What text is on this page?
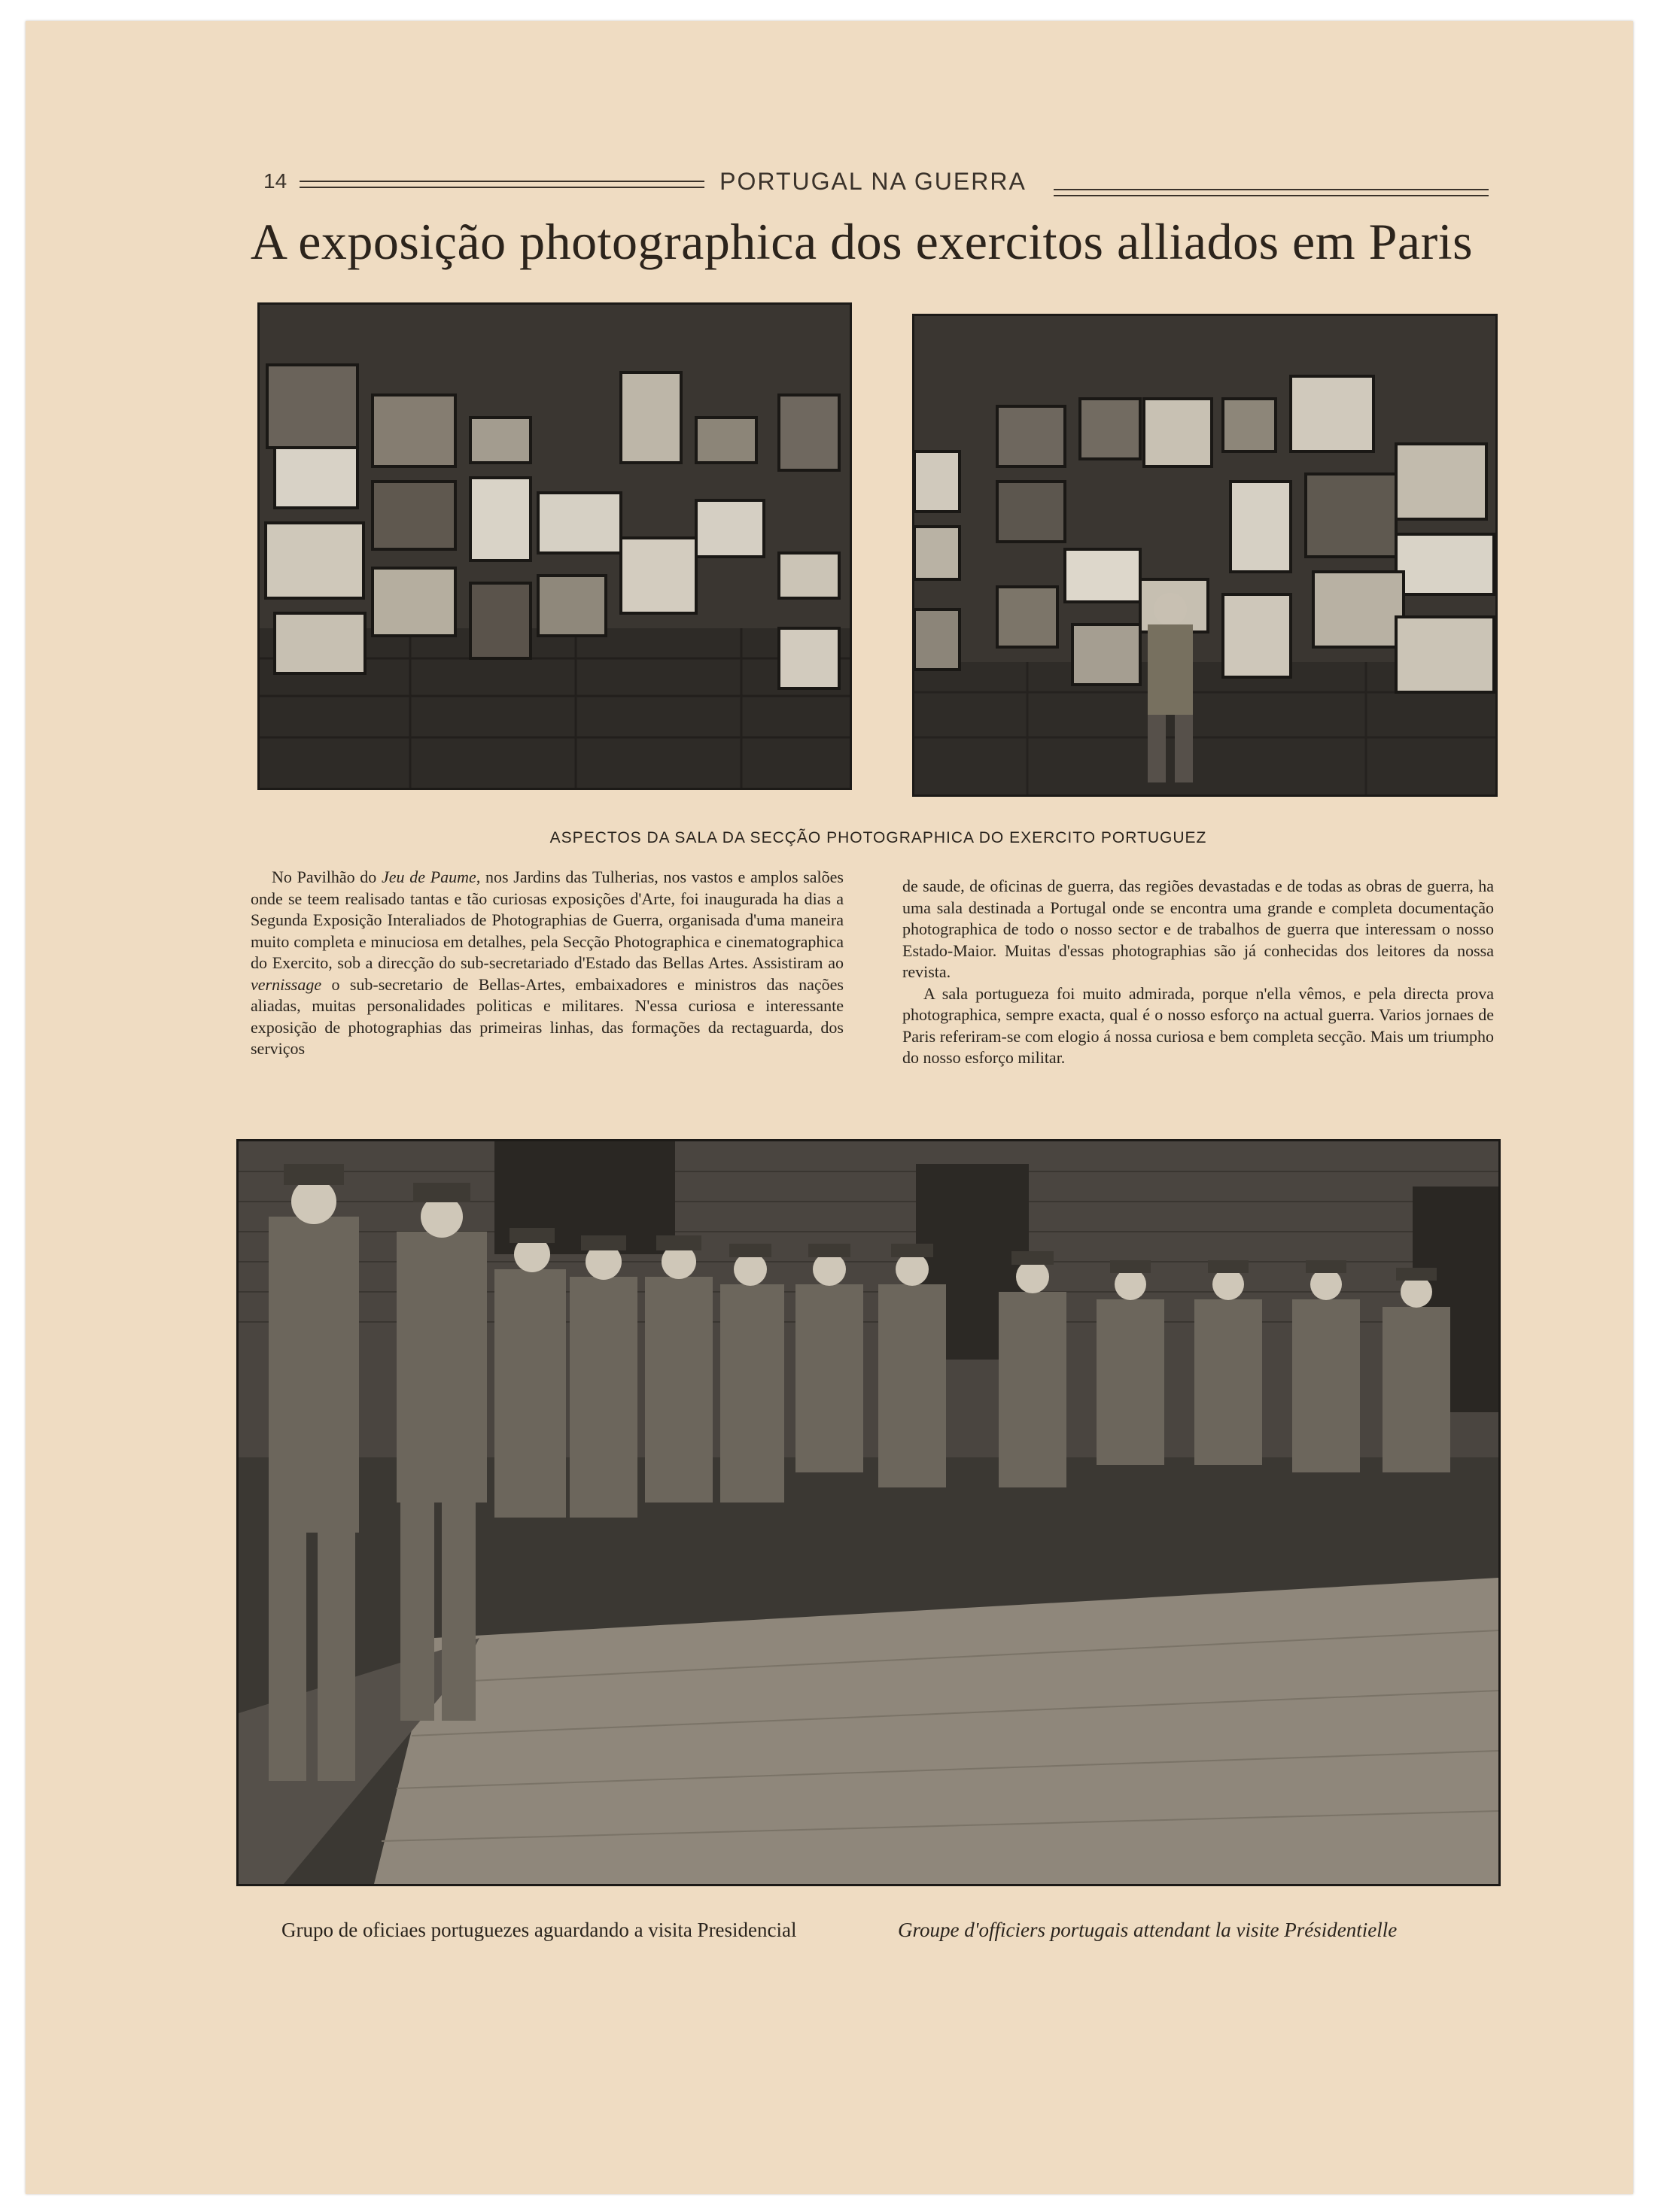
14	PORTUGAL NA GUERRA
A exposição photographica dos exercitos alliados em Paris
ASPECTOS DA SALA DA SECÇÃO PHOTOGRAPHICA DO EXERCITO PORTUGUEZ

No Pavilhão do Jeu de Paume, nos Jardins das Tulherias, nos vastos e amplos salões onde se teem realisado tantas e tão curiosas exposições d'Arte, foi inaugurada ha dias a Segunda Exposição Interaliados de Photographias de Guerra, organisada d'uma maneira muito completa e minuciosa em detalhes, pela Secção Photographica e cinematographica do Exercito, sob a direcção do sub-secretariado d'Estado das Bellas Artes. Assistiram ao vernissage o sub-secretario de Bellas-Artes, embaixadores e ministros das nações aliadas, muitas personalidades politicas e militares. N'essa curiosa e interessante exposição de photographias das primeiras linhas, das formações da rectaguarda, dos serviços

de saude, de oficinas de guerra, das regiões devastadas e de todas as obras de guerra, ha uma sala destinada a Portugal onde se encontra uma grande e completa documentação photographica de todo o nosso sector e de trabalhos de guerra que interessam o nosso Estado-Maior. Muitas d'essas photographias são já conhecidas dos leitores da nossa revista.

A sala portugueza foi muito admirada, porque n'ella vêmos, e pela directa prova photographica, sempre exacta, qual é o nosso esforço na actual guerra. Varios jornaes de Paris referiram-se com elogio á nossa curiosa e bem completa secção. Mais um triumpho do nosso esforço militar.

Grupo de oficiaes portuguezes aguardando a visita Presidencial	Groupe d'officiers portugais attendant la visite Présidentielle
